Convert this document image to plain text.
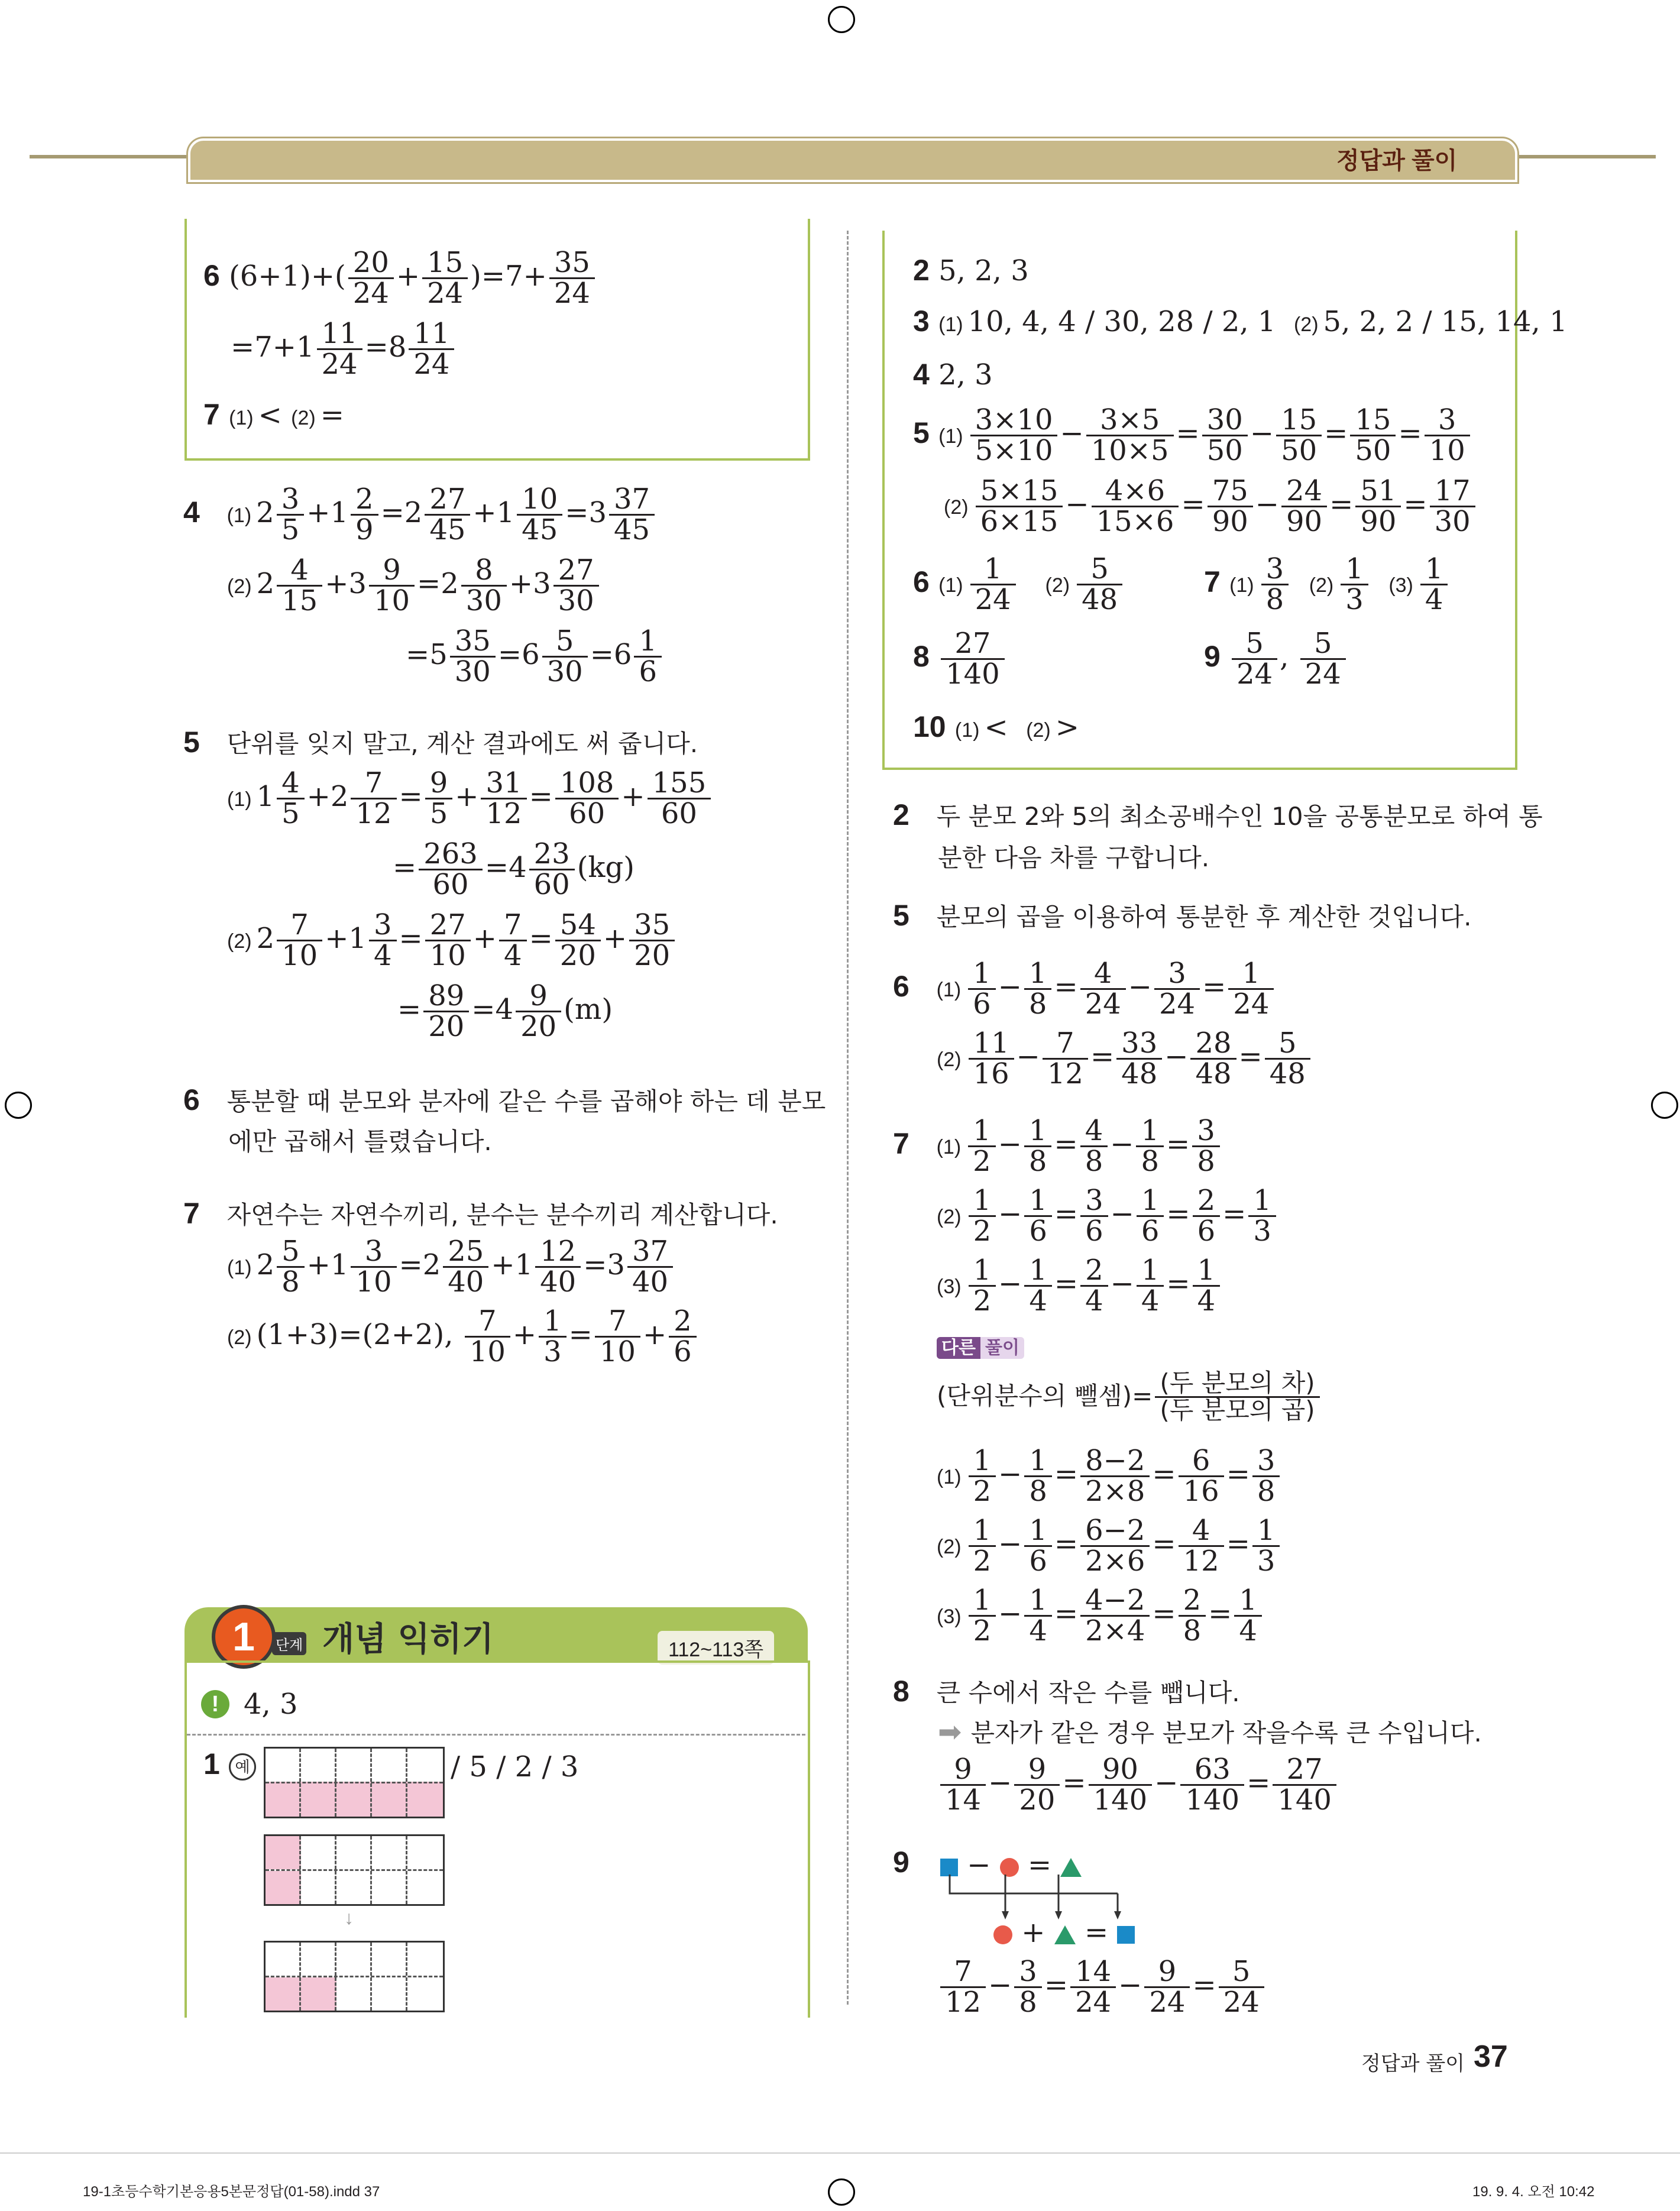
정답과 풀이
6 $(6+1)+( \frac{20}{24} + \frac{15}{24} )=7+ \frac{35}{24}$
$=7+1 \frac{11}{24} =8 \frac{11}{24}$
7 (1) < (2) =
4 (1) $2 \frac{3}{5} +1 \frac{2}{9} =2 \frac{27}{45} +1 \frac{10}{45} =3 \frac{37}{45}$
(2) $2 \frac{4}{15} +3 \frac{9}{10} =2 \frac{8}{30} +3 \frac{27}{30}$
$=5 \frac{35}{30} =6 \frac{5}{30} =6 \frac{1}{6}$
5 단위를 잊지 말고, 계산 결과에도 써 줍니다.
(1) $1 \frac{4}{5} +2 \frac{7}{12} = \frac{9}{5} + \frac{31}{12} = \frac{108}{60} + \frac{155}{60}$
= $\frac{263}{60} =4 \frac{23}{60} (kg)$
(2) $2 \frac{7}{10} +1 \frac{3}{4} = \frac{27}{10} + \frac{7}{4} = \frac{54}{20} + \frac{35}{20}$
= $\frac{89}{20} =4 \frac{9}{20} (m)$
6 통분할 때 분모와 분자에 같은 수를 곱해야 하는 데 분모
에만 곱해서 틀렸습니다.
7 자연수는 자연수끼리, 분수는 분수끼리 계산합니다.
(1) $2 \frac{5}{8} +1 \frac{3}{10} =2 \frac{25}{40} +1 \frac{12}{40} =3 \frac{37}{40}$
(2) (1+3)=(2+2), $\frac{7}{10} + \frac{1}{3} = \frac{7}{10} + \frac{2}{6}$
1	단계 개념 익히기	112~113쪽
! 4, 3
1 예	/ 5 / 2 / 3
↓
2 5, 2, 3
3 (1) 10, 4, 4 / 30, 28 / 2, 1 (2) 5, 2, 2 / 15, 14, 1
4 2, 3
5 $(1) \frac{3\times 10}{5\times 10} - \frac{3\times 5}{10\times 5} = \frac{30}{50} - \frac{15}{50} = \frac{15}{50} = \frac{3}{10}$
$(2) \frac{5\times 15}{6\times 15} - \frac{4\times 6}{15\times 6} = \frac{75}{90} - \frac{24}{90} = \frac{51}{90} = \frac{17}{30}$
6 $(1) \frac{1}{24} (2) \frac{5}{48}$	7 $(1) \frac{3}{8} (2) \frac{1}{3} (3) \frac{1}{4}$
$8 \frac{27}{140}$	$9 \frac{5}{24}$ , $\frac{5}{24}$
10 (1) <  (2) >
2 두 분모 2와 5의 최소공배수인 10을 공통분모로 하여 통
분한 다음 차를 구합니다.
5 분모의 곱을 이용하여 통분한 후 계산한 것입니다.
6 $(1) \frac{1}{6} - \frac{1}{8} = \frac{4}{24} - \frac{3}{24} = \frac{1}{24}$
$(2) \frac{11}{16} - \frac{7}{12} = \frac{33}{48} - \frac{28}{48} = \frac{5}{48}$
7 $(1) \frac{1}{2} - \frac{1}{8} = \frac{4}{8} - \frac{1}{8} = \frac{3}{8}$
$(2) \frac{1}{2} - \frac{1}{6} = \frac{3}{6} - \frac{1}{6} = \frac{2}{6} = \frac{1}{3}$
$(3) \frac{1}{2} - \frac{1}{4} = \frac{2}{4} - \frac{1}{4} = \frac{1}{4}$
다른 풀이
(단위분수의 뺄셈)= $\frac{\text{(두 분모의 차)}}{\text{(두 분모의 곱)}}$
$(1) \frac{1}{2} - \frac{1}{8} = \frac{8-2}{2\times 8} = \frac{6}{16} = \frac{3}{8}$
$(2) \frac{1}{2} - \frac{1}{6} = \frac{6-2}{2\times 6} = \frac{4}{12} = \frac{1}{3}$
$(3) \frac{1}{2} - \frac{1}{4} = \frac{4-2}{2\times 4} = \frac{2}{8} = \frac{1}{4}$
8 큰 수에서 작은 수를 뺍니다.
➡ 분자가 같은 경우 분모가 작을수록 큰 수입니다.
$\frac{9}{14} - \frac{9}{20} = \frac{90}{140} - \frac{63}{140} = \frac{27}{140}$
9	−  =
+  =
$\frac{7}{12} - \frac{3}{8} = \frac{14}{24} - \frac{9}{24} = \frac{5}{24}$
정답과 풀이 37
19-1초등수학기본응용5본문정답(01-58).indd 37	19. 9. 4. 오전 10:42
